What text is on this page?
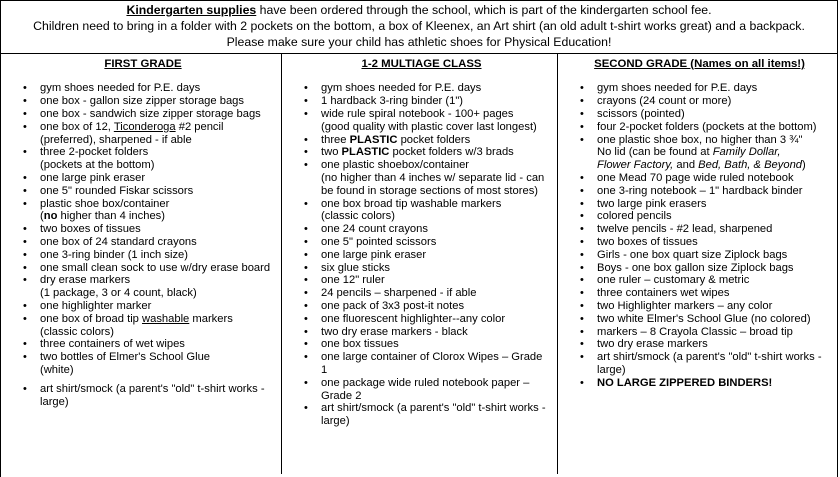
Kindergarten supplies have been ordered through the school, which is part of the kindergarten school fee.
Children need to bring in a folder with 2 pockets on the bottom, a box of Kleenex, an Art shirt (an old adult t-shirt works great) and a backpack.
Please make sure your child has athletic shoes for Physical Education!
FIRST GRADE
• gym shoes needed for P.E. days
• one box - gallon size zipper storage bags
• one box - sandwich size zipper storage bags
• one box of 12, Ticonderoga #2 pencil
(preferred), sharpened - if able
• three 2-pocket folders
(pockets at the bottom)
• one large pink eraser
• one 5" rounded Fiskar scissors
• plastic shoe box/container
(no higher than 4 inches)
• two boxes of tissues
• one box of 24 standard crayons
• one 3-ring binder (1 inch size)
• one small clean sock to use w/dry erase board
• dry erase markers
(1 package, 3 or 4 count, black)
• one highlighter marker
• one box of broad tip washable markers
(classic colors)
• three containers of wet wipes
• two bottles of Elmer's School Glue
(white)
• art shirt/smock (a parent's "old" t-shirt works - large)
1-2 MULTIAGE CLASS
• gym shoes needed for P.E. days
• 1 hardback 3-ring binder (1")
• wide rule spiral notebook - 100+ pages
(good quality with plastic cover last longest)
• three PLASTIC pocket folders
• two PLASTIC pocket folders w/3 brads
• one plastic shoebox/container
(no higher than 4 inches w/ separate lid - can be found in storage sections of most stores)
• one box broad tip washable markers
(classic colors)
• one 24 count crayons
• one 5" pointed scissors
• one large pink eraser
• six glue sticks
• one 12" ruler
• 24 pencils – sharpened - if able
• one pack of 3x3 post-it notes
• one fluorescent highlighter--any color
• two dry erase markers - black
• one box tissues
• one large container of Clorox Wipes – Grade 1
• one package wide ruled notebook paper – Grade 2
• art shirt/smock (a parent's "old" t-shirt works - large)
SECOND GRADE (Names on all items!)
• gym shoes needed for P.E. days
• crayons (24 count or more)
• scissors (pointed)
• four 2-pocket folders (pockets at the bottom)
• one plastic shoe box, no higher than 3 ¾"
No lid (can be found at Family Dollar,
Flower Factory, and Bed, Bath, & Beyond)
• one Mead 70 page wide ruled notebook
• one 3-ring notebook – 1" hardback binder
• two large pink erasers
• colored pencils
• twelve pencils - #2 lead, sharpened
• two boxes of tissues
• Girls - one box quart size Ziplock bags
• Boys - one box gallon size Ziplock bags
• one ruler – customary & metric
• three containers wet wipes
• two Highlighter markers – any color
• two white Elmer's School Glue (no colored)
• markers – 8 Crayola Classic – broad tip
• two dry erase markers
• art shirt/smock (a parent's "old" t-shirt works - large)
• NO LARGE ZIPPERED BINDERS!
